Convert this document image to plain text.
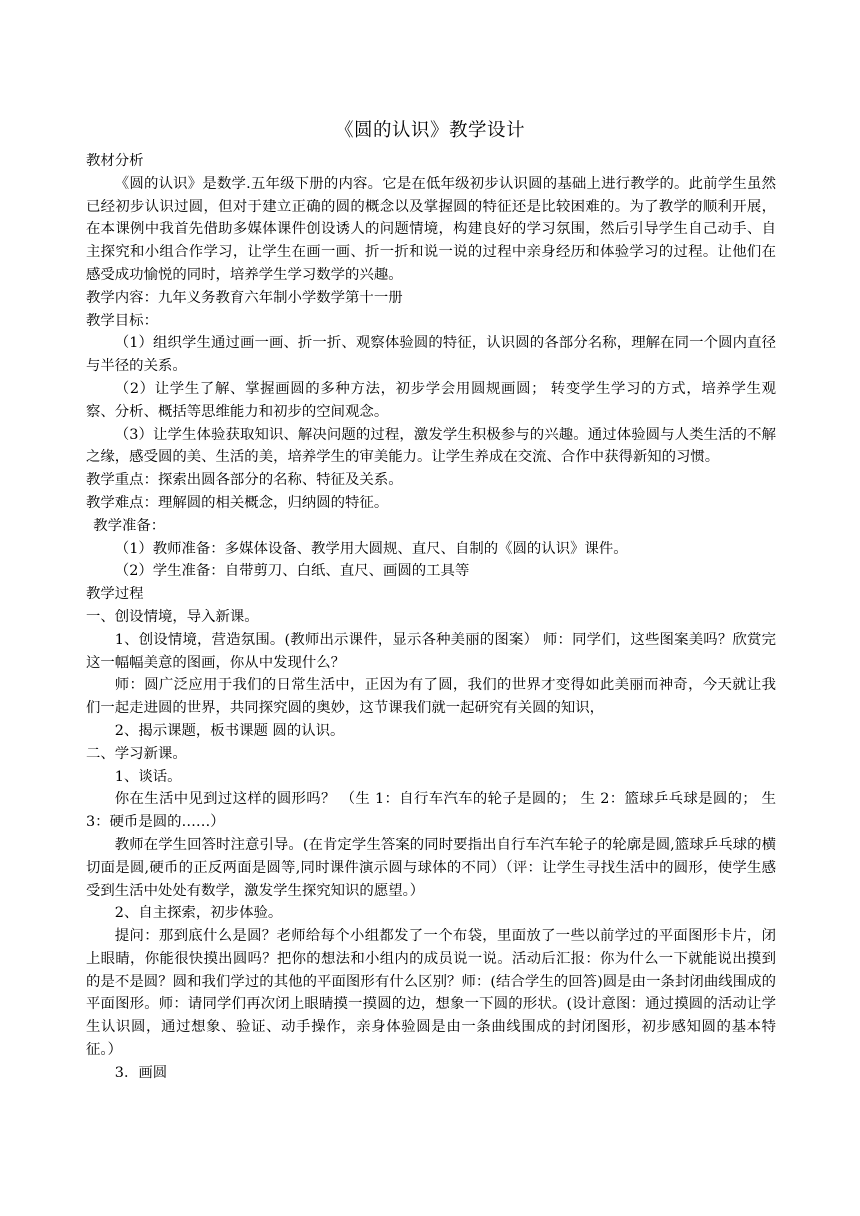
《圆的认识》教学设计

教材分析

《圆的认识》是数学.五年级下册的内容。它是在低年级初步认识圆的基础上进行教学的。此前学生虽然已经初步认识过圆，但对于建立正确的圆的概念以及掌握圆的特征还是比较困难的。为了教学的顺利开展，在本课例中我首先借助多媒体课件创设诱人的问题情境，构建良好的学习氛围，然后引导学生自己动手、自主探究和小组合作学习，让学生在画一画、折一折和说一说的过程中亲身经历和体验学习的过程。让他们在感受成功愉悦的同时，培养学生学习数学的兴趣。

教学内容：九年义务教育六年制小学数学第十一册

教学目标：

（1）组织学生通过画一画、折一折、观察体验圆的特征，认识圆的各部分名称，理解在同一个圆内直径与半径的关系。

（2）让学生了解、掌握画圆的多种方法，初步学会用圆规画圆； 转变学生学习的方式，培养学生观察、分析、概括等思维能力和初步的空间观念。

（3）让学生体验获取知识、解决问题的过程，激发学生积极参与的兴趣。通过体验圆与人类生活的不解之缘，感受圆的美、生活的美，培养学生的审美能力。让学生养成在交流、合作中获得新知的习惯。

教学重点：探索出圆各部分的名称、特征及关系。

教学难点：理解圆的相关概念，归纳圆的特征。

教学准备：

（1）教师准备：多媒体设备、教学用大圆规、直尺、自制的《圆的认识》课件。

（2）学生准备：自带剪刀、白纸、直尺、画圆的工具等

教学过程

一、创设情境，导入新课。

1、创设情境，营造氛围。(教师出示课件，显示各种美丽的图案） 师：同学们，这些图案美吗？欣赏完这一幅幅美意的图画，你从中发现什么？

师：圆广泛应用于我们的日常生活中，正因为有了圆，我们的世界才变得如此美丽而神奇，今天就让我们一起走进圆的世界，共同探究圆的奥妙，这节课我们就一起研究有关圆的知识，

2、揭示课题，板书课题 圆的认识。

二、学习新课。

1、谈话。

你在生活中见到过这样的圆形吗？ （生 1：自行车汽车的轮子是圆的； 生 2：篮球乒乓球是圆的； 生 3：硬币是圆的……）

教师在学生回答时注意引导。(在肯定学生答案的同时要指出自行车汽车轮子的轮廓是圆,篮球乒乓球的横切面是圆,硬币的正反两面是圆等,同时课件演示圆与球体的不同）（评：让学生寻找生活中的圆形，使学生感受到生活中处处有数学，激发学生探究知识的愿望。）

2、自主探索，初步体验。

提问：那到底什么是圆？老师给每个小组都发了一个布袋，里面放了一些以前学过的平面图形卡片，闭上眼睛，你能很快摸出圆吗？把你的想法和小组内的成员说一说。活动后汇报：你为什么一下就能说出摸到的是不是圆？圆和我们学过的其他的平面图形有什么区别？师：(结合学生的回答)圆是由一条封闭曲线围成的平面图形。师：请同学们再次闭上眼睛摸一摸圆的边，想象一下圆的形状。(设计意图：通过摸圆的活动让学生认识圆，通过想象、验证、动手操作，亲身体验圆是由一条曲线围成的封闭图形，初步感知圆的基本特征。）

3．画圆
